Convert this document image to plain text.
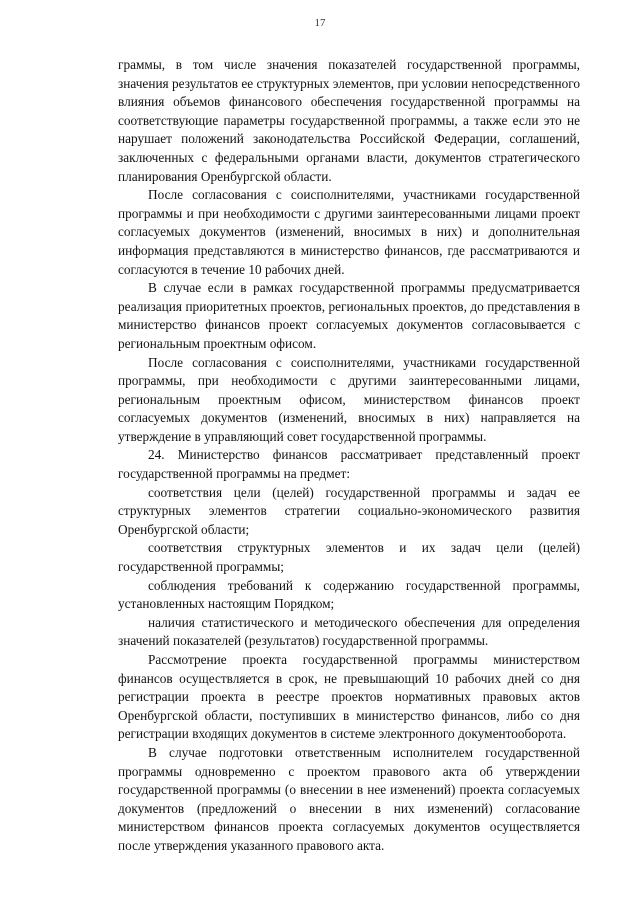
17

граммы, в том числе значения показателей государственной программы, значения результатов ее структурных элементов, при условии непосредственного влияния объемов финансового обеспечения государственной программы на соответствующие параметры государственной программы, а также если это не нарушает положений законодательства Российской Федерации, соглашений, заключенных с федеральными органами власти, документов стратегического планирования Оренбургской области.

После согласования с соисполнителями, участниками государственной программы и при необходимости с другими заинтересованными лицами проект согласуемых документов (изменений, вносимых в них) и дополнительная информация представляются в министерство финансов, где рассматриваются и согласуются в течение 10 рабочих дней.

В случае если в рамках государственной программы предусматривается реализация приоритетных проектов, региональных проектов, до представления в министерство финансов проект согласуемых документов согласовывается с региональным проектным офисом.

После согласования с соисполнителями, участниками государственной программы, при необходимости с другими заинтересованными лицами, региональным проектным офисом, министерством финансов проект согласуемых документов (изменений, вносимых в них) направляется на утверждение в управляющий совет государственной программы.

24. Министерство финансов рассматривает представленный проект государственной программы на предмет:

соответствия цели (целей) государственной программы и задач ее структурных элементов стратегии социально-экономического развития Оренбургской области;

соответствия структурных элементов и их задач цели (целей) государственной программы;

соблюдения требований к содержанию государственной программы, установленных настоящим Порядком;

наличия статистического и методического обеспечения для определения значений показателей (результатов) государственной программы.

Рассмотрение проекта государственной программы министерством финансов осуществляется в срок, не превышающий 10 рабочих дней со дня регистрации проекта в реестре проектов нормативных правовых актов Оренбургской области, поступивших в министерство финансов, либо со дня регистрации входящих документов в системе электронного документооборота.

В случае подготовки ответственным исполнителем государственной программы одновременно с проектом правового акта об утверждении государственной программы (о внесении в нее изменений) проекта согласуемых документов (предложений о внесении в них изменений) согласование министерством финансов проекта согласуемых документов осуществляется после утверждения указанного правового акта.
